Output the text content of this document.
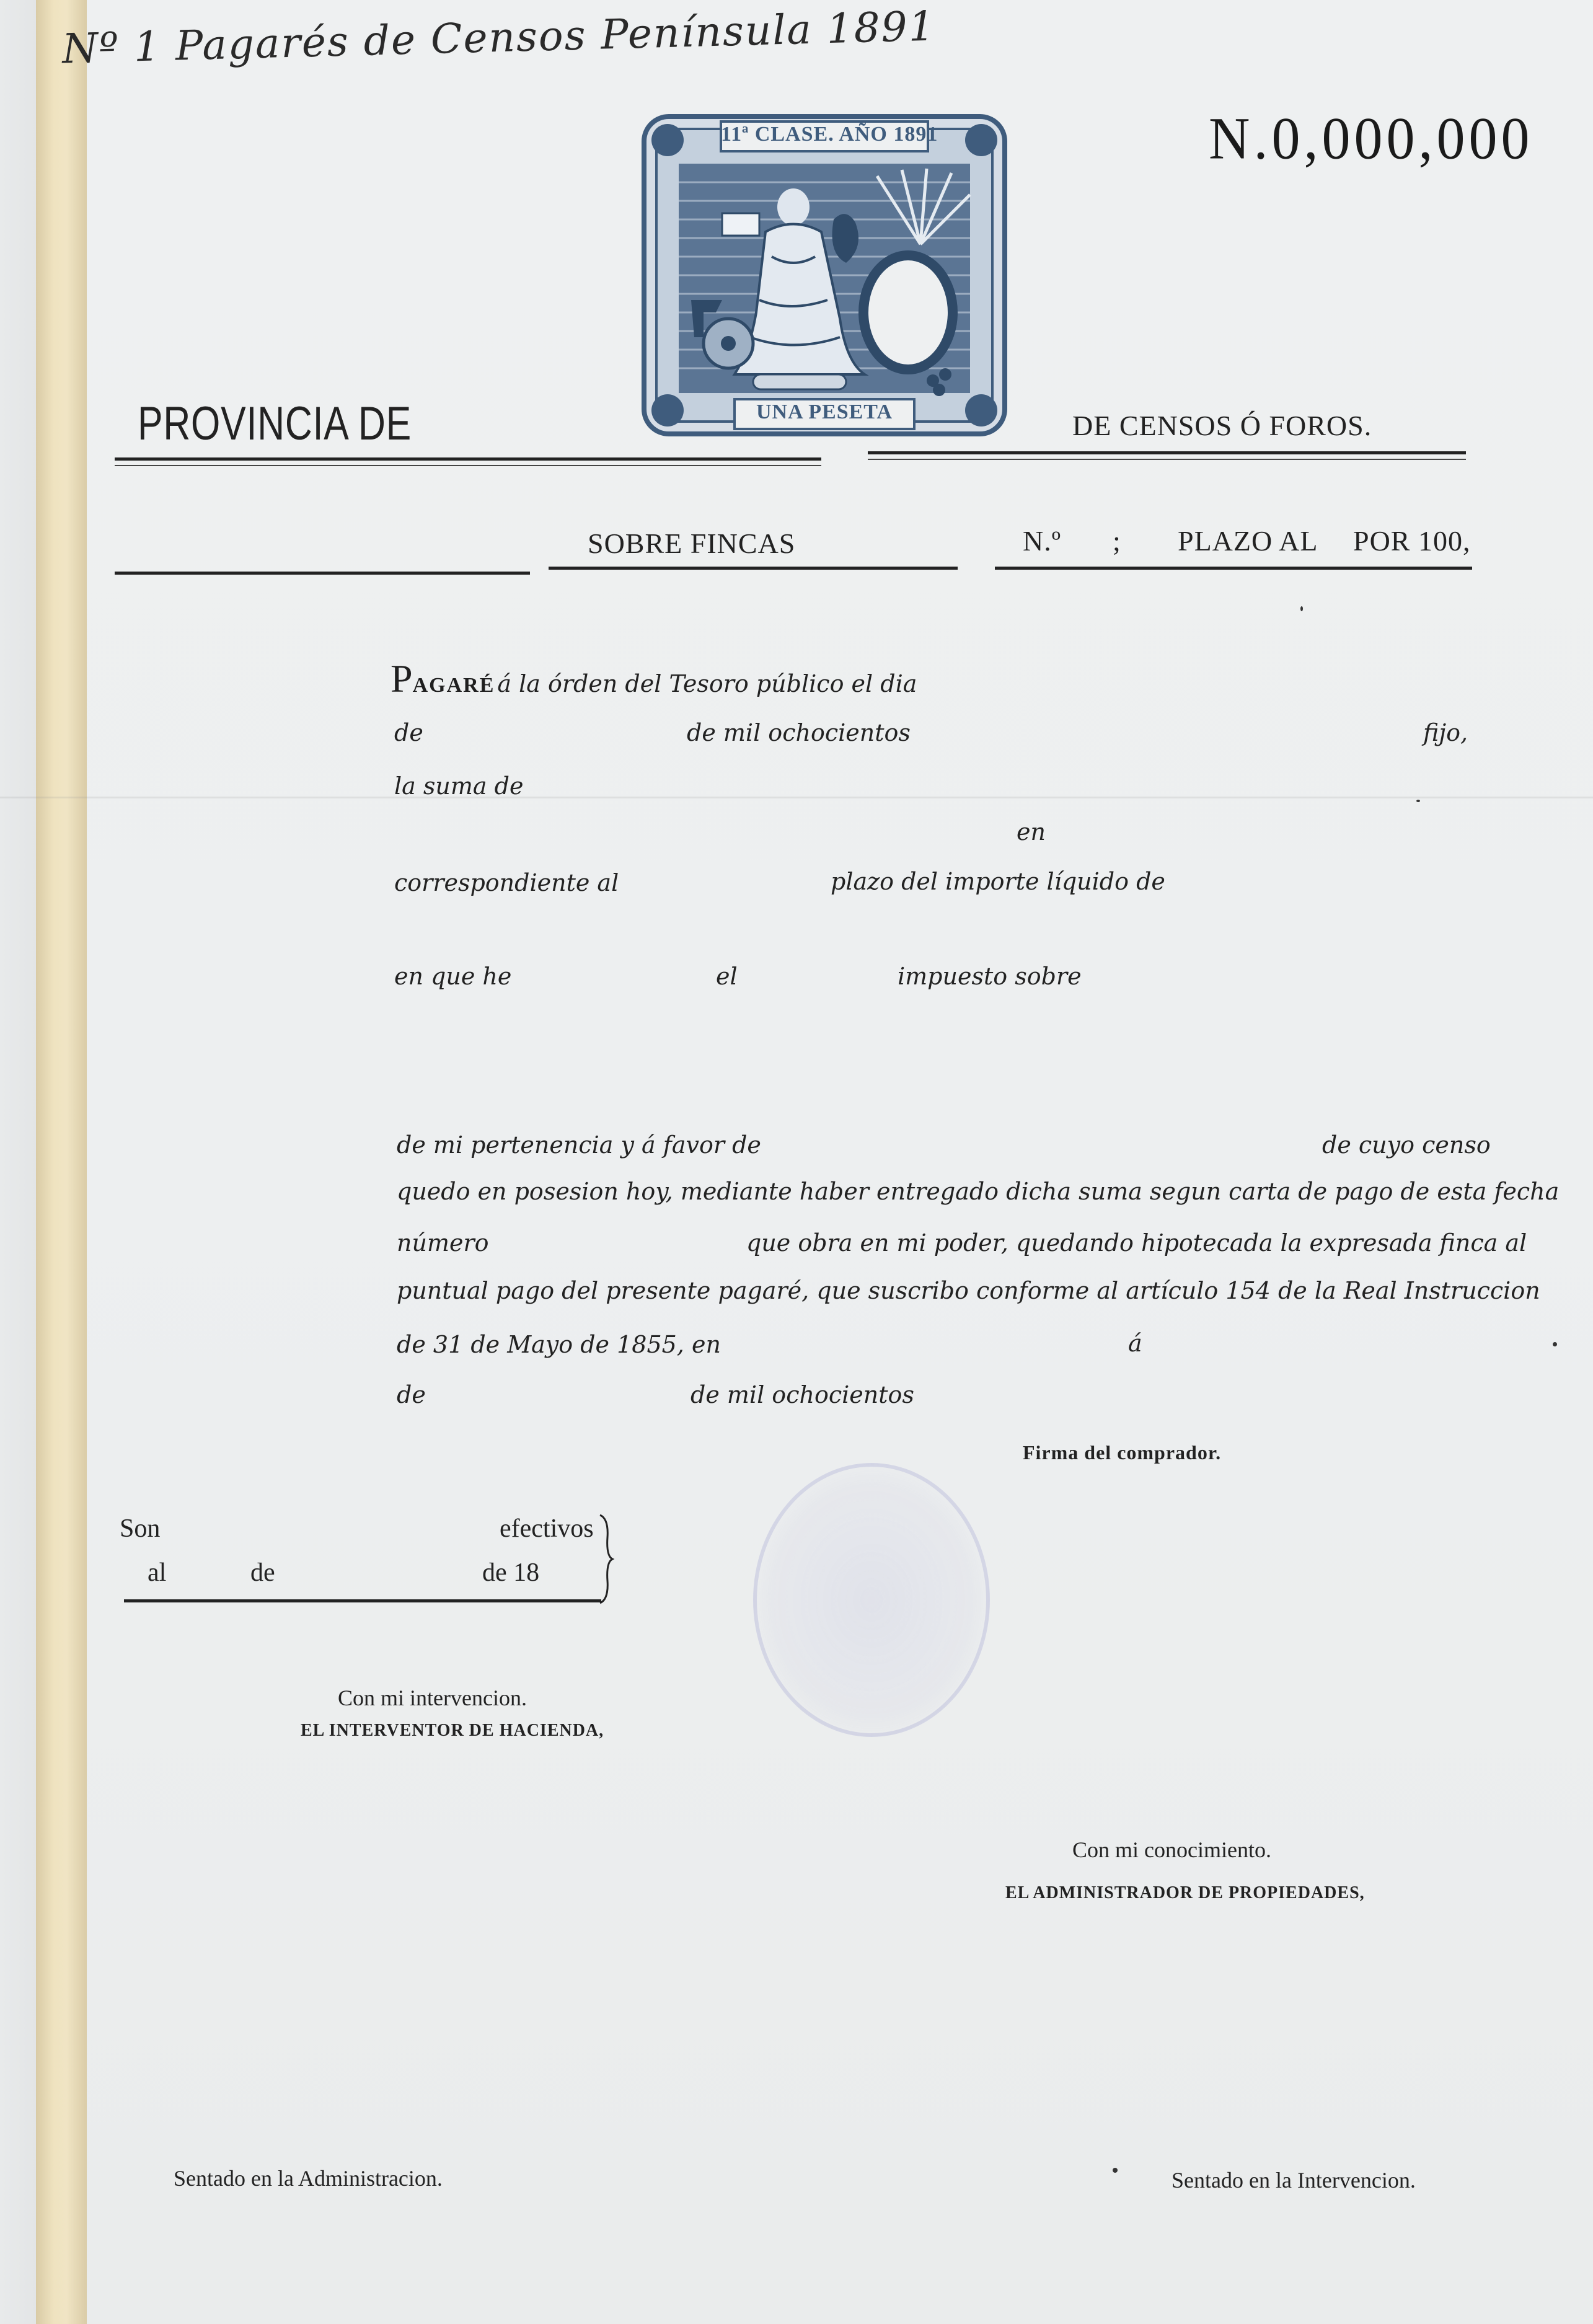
Nº 1 Pagarés de Censos Península 1891
N.0,000,000
11ª CLASE. AÑO 1891
UNA PESETA
PROVINCIA DE	DE CENSOS Ó FOROS.
SOBRE FINCAS	N.º ; PLAZO AL POR 100,
PAGARÉ á la órden del Tesoro público el dia
de	de mil ochocientos	fijo,
la suma de
en
correspondiente al	plazo del importe líquido de
en que he	el	impuesto sobre
de mi pertenencia y á favor de	de cuyo censo
quedo en posesion hoy, mediante haber entregado dicha suma segun carta de pago de esta fecha
número	que obra en mi poder, quedando hipotecada la expresada finca al
puntual pago del presente pagaré, que suscribo conforme al artículo 154 de la Real Instruccion
de 31 de Mayo de 1855, en	á
de	de mil ochocientos
Firma del comprador.
Son	efectivos
al	de	de 18
Con mi intervencion.
EL INTERVENTOR DE HACIENDA,
Con mi conocimiento.
EL ADMINISTRADOR DE PROPIEDADES,
Sentado en la Administracion.	Sentado en la Intervencion.
